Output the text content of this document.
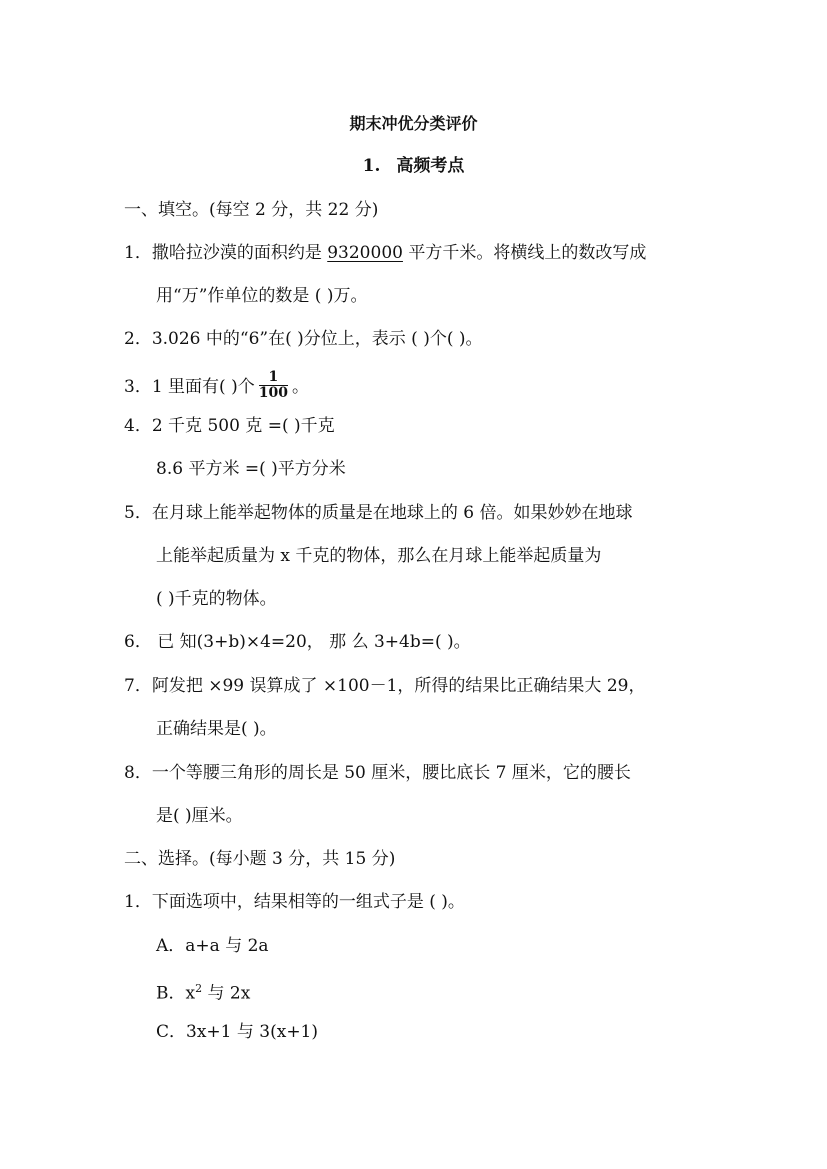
期末冲优分类评价
1. 高频考点
一、填空。(每空 2 分，共 22 分)
1．撒哈拉沙漠的面积约是 9320000 平方千米。将横线上的数改写成
用“万”作单位的数是 ( )万。
2．3.026 中的“6”在( )分位上，表示 ( )个( )。
3．1 里面有( )个 $\frac{1}{100}$ 。
4．2 千克 500 克 =( )千克
8.6 平方米 =( )平方分米
5．在月球上能举起物体的质量是在地球上的 6 倍。如果妙妙在地球
上能举起质量为 x 千克的物体，那么在月球上能举起质量为
( )千克的物体。
6． 已 知(3+b)×4=20， 那 么 3+4b=( )。
7．阿发把 ×99 误算成了 ×100－1，所得的结果比正确结果大 29，
正确结果是( )。
8．一个等腰三角形的周长是 50 厘米，腰比底长 7 厘米，它的腰长
是( )厘米。
二、选择。(每小题 3 分，共 15 分)
1．下面选项中，结果相等的一组式子是 ( )。
A．a+a 与 2a
B．$x^2$ 与 2x
C．3x+1 与 3(x+1)
